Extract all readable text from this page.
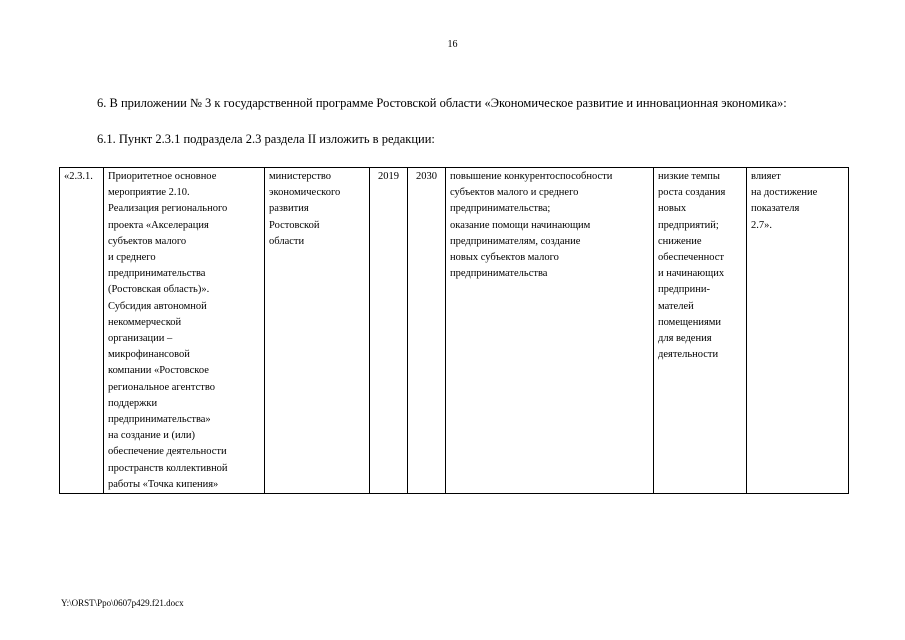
16
6. В приложении № 3 к государственной программе Ростовской области «Экономическое развитие и инновационная экономика»:
6.1. Пункт 2.3.1 подраздела 2.3 раздела II изложить в редакции:
«2.3.1.	Приоритетное основное
мероприятие 2.10.
Реализация регионального
проекта «Акселерация
субъектов малого
и среднего
предпринимательства
(Ростовская область)».
Субсидия автономной
некоммерческой
организации –
микрофинансовой
компании «Ростовское
региональное агентство
поддержки
предпринимательства»
на создание и (или)
обеспечение деятельности
пространств коллективной
работы «Точка кипения»	министерство
экономического
развития
Ростовской
области	2019	2030	повышение конкурентоспособности
субъектов малого и среднего
предпринимательства;
оказание помощи начинающим
предпринимателям, создание
новых субъектов малого
предпринимательства	низкие темпы
роста создания
новых
предприятий;
снижение
обеспеченност
и начинающих
предприни-
мателей
помещениями
для ведения
деятельности	влияет
на достижение
показателя
2.7».
Y:\ORST\Ppo\0607p429.f21.docx
